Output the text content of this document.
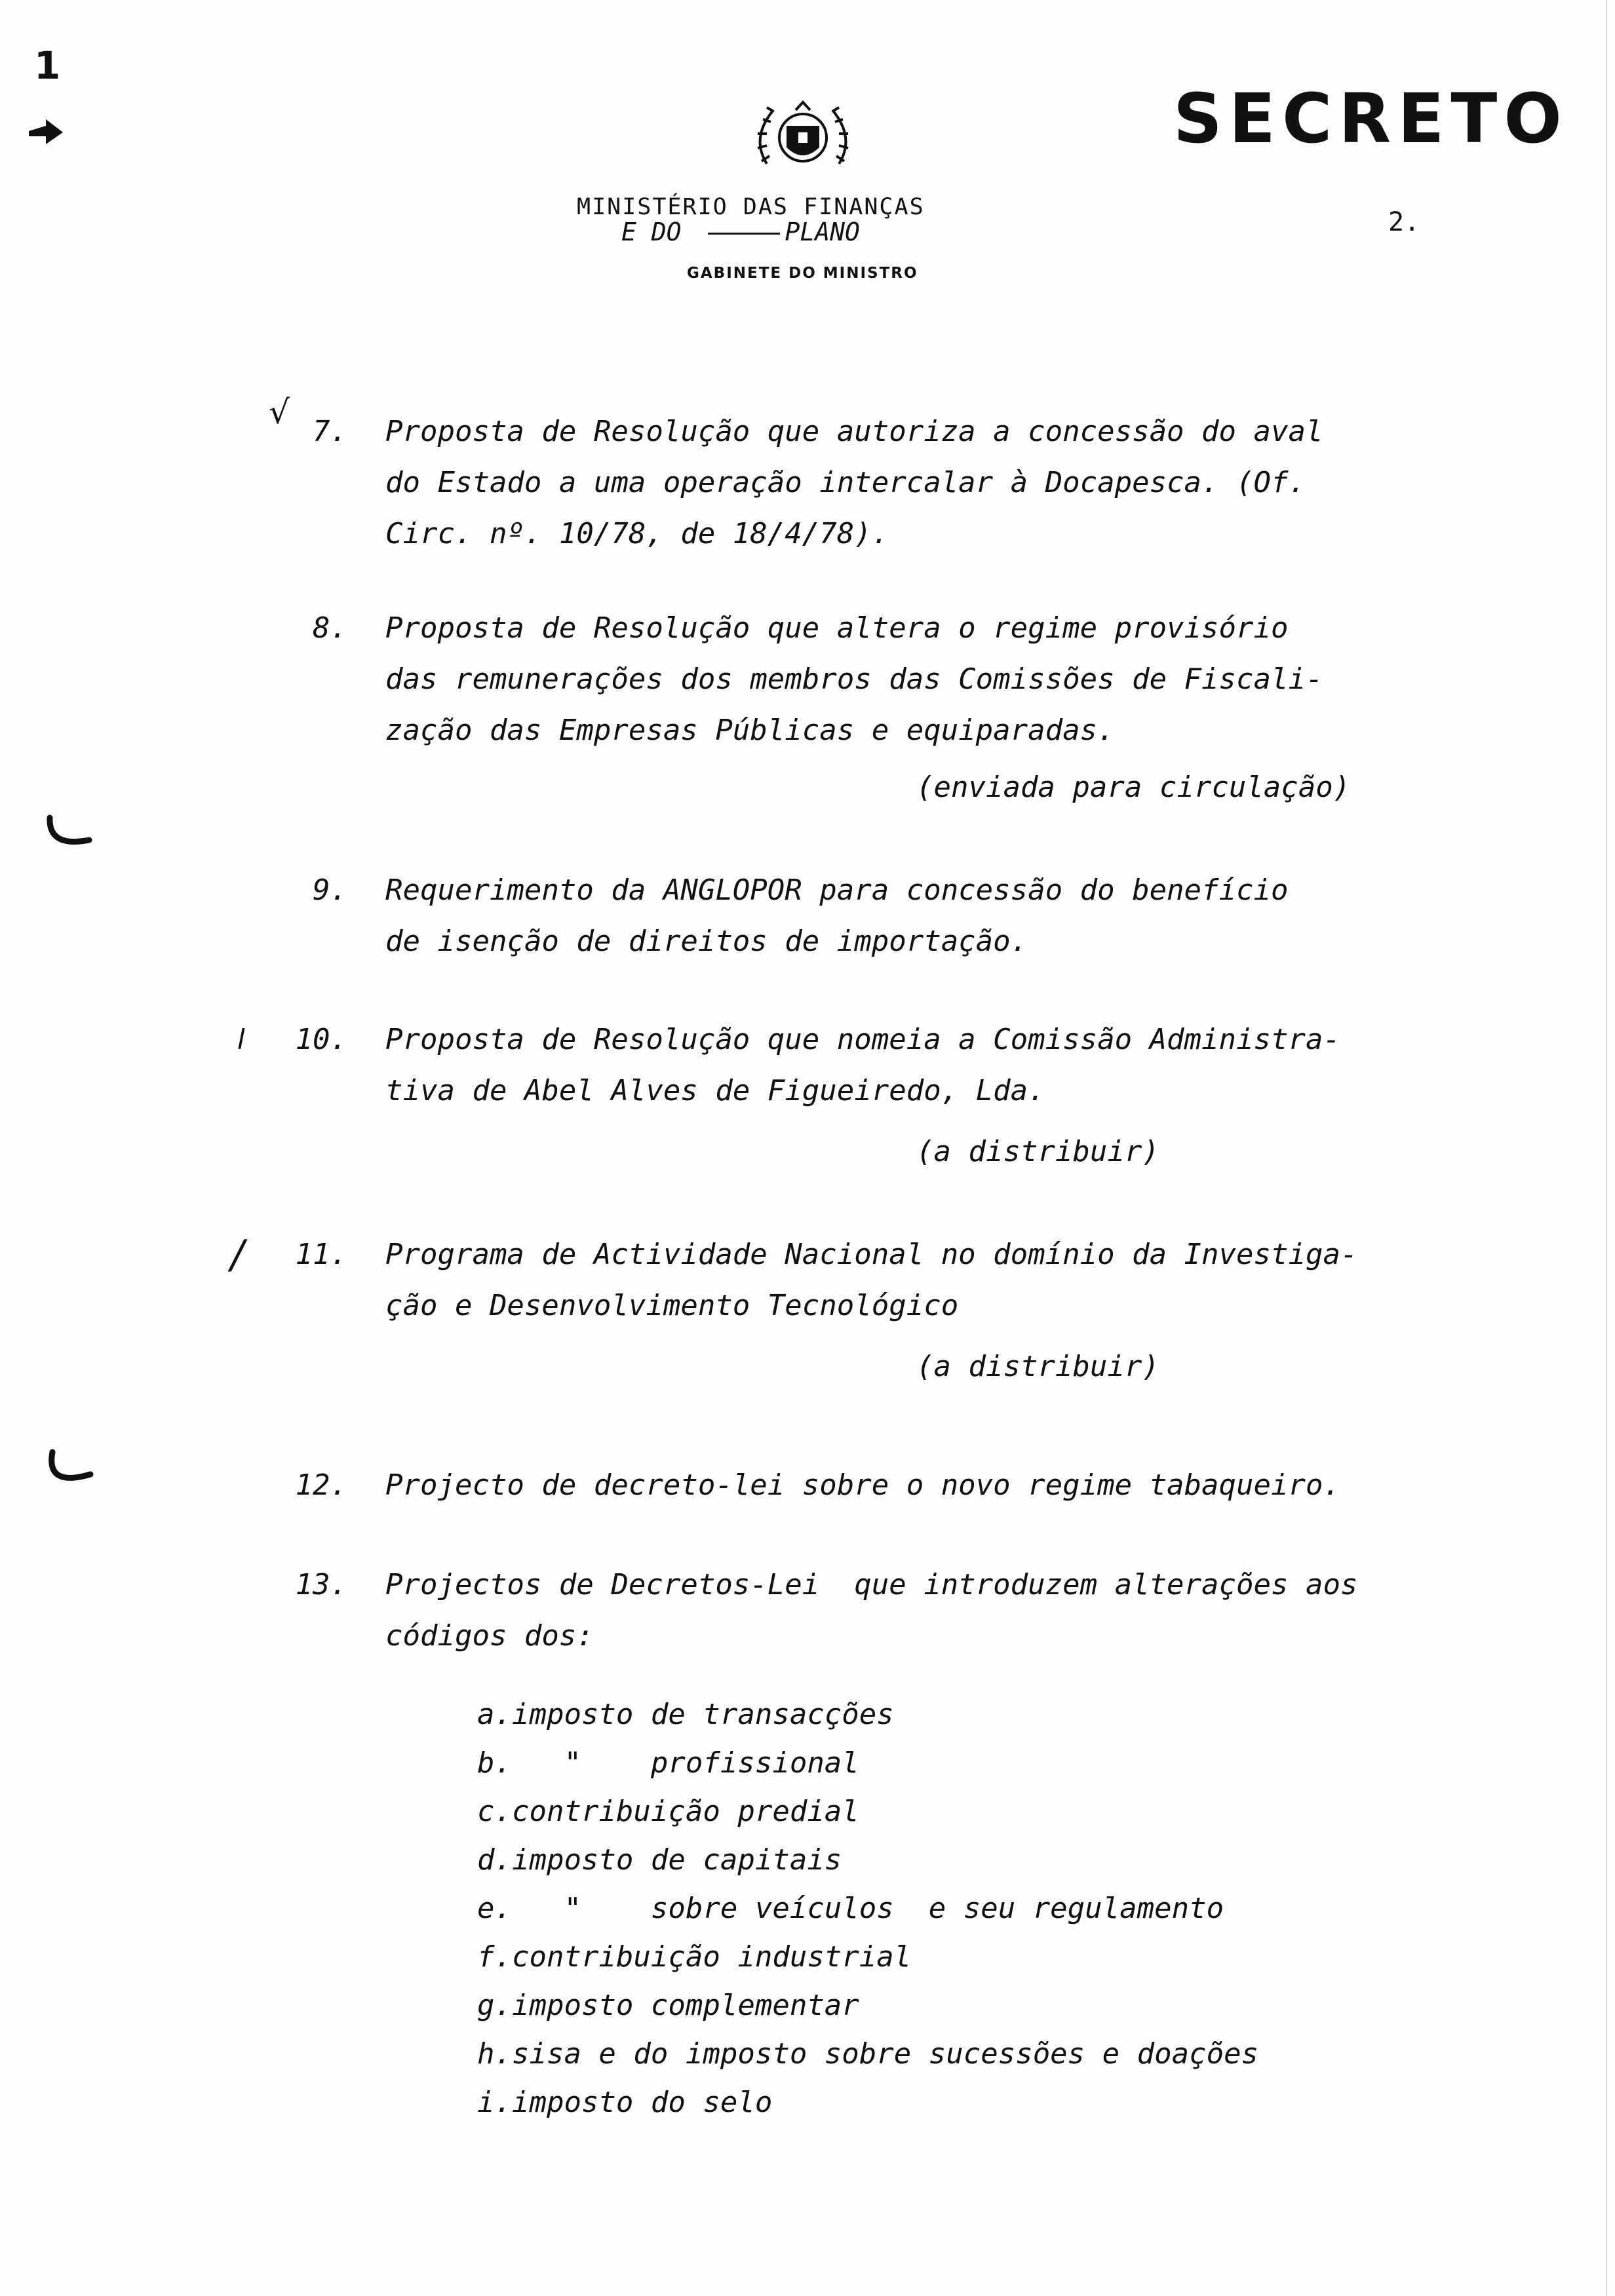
1
√
l
/
SECRETO
MINISTÉRIO DAS FINANÇAS
E DO	PLANO
GABINETE DO MINISTRO
2.
7. Proposta de Resolução que autoriza a concessão do aval
do Estado a uma operação intercalar à Docapesca. (Of.
Circ. nº. 10/78, de 18/4/78).
8. Proposta de Resolução que altera o regime provisório
das remunerações dos membros das Comissões de Fiscali-
zação das Empresas Públicas e equiparadas.
(enviada para circulação)
9. Requerimento da ANGLOPOR para concessão do benefício
de isenção de direitos de importação.
10. Proposta de Resolução que nomeia a Comissão Administra-
tiva de Abel Alves de Figueiredo, Lda.
(a distribuir)
11. Programa de Actividade Nacional no domínio da Investiga-
ção e Desenvolvimento Tecnológico
(a distribuir)
12. Projecto de decreto-lei sobre o novo regime tabaqueiro.
13. Projectos de Decretos-Lei  que introduzem alterações aos
códigos dos:
a.imposto de transacções
b.   "    profissional
c.contribuição predial
d.imposto de capitais
e.   "    sobre veículos  e seu regulamento
f.contribuição industrial
g.imposto complementar
h.sisa e do imposto sobre sucessões e doações
i.imposto do selo
